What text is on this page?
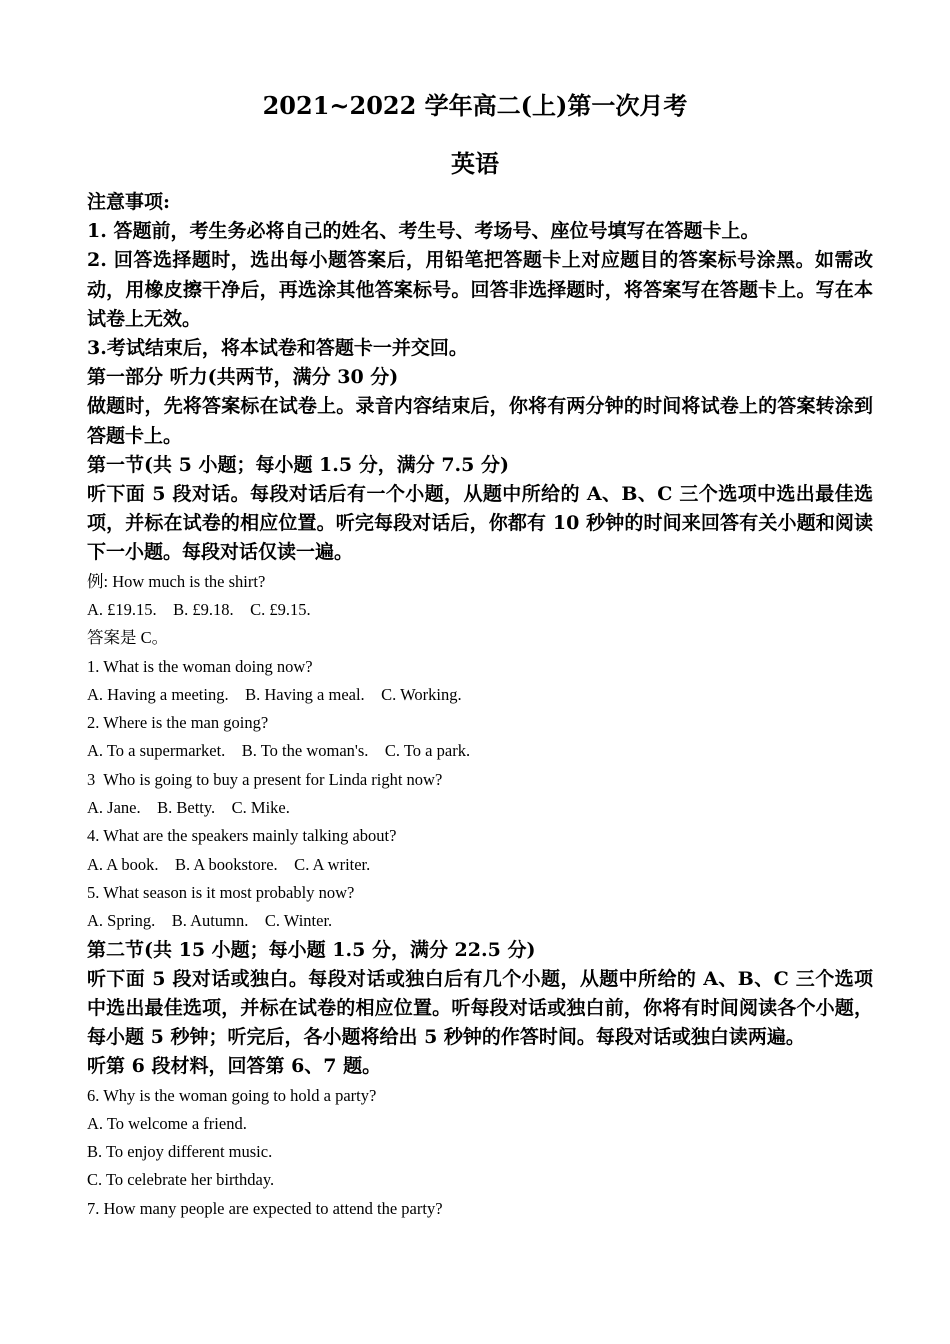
2021~2022 学年高二(上)第一次月考
英语

注意事项:

1. 答题前，考生务必将自己的姓名、考生号、考场号、座位号填写在答题卡上。

2. 回答选择题时，选出每小题答案后，用铅笔把答题卡上对应题目的答案标号涂黑。如需改动，用橡皮擦干净后，再选涂其他答案标号。回答非选择题时，将答案写在答题卡上。写在本试卷上无效。

3.考试结束后，将本试卷和答题卡一并交回。

第一部分 听力(共两节，满分 30 分)

做题时，先将答案标在试卷上。录音内容结束后，你将有两分钟的时间将试卷上的答案转涂到答题卡上。

第一节(共 5 小题；每小题 1.5 分，满分 7.5 分)

听下面 5 段对话。每段对话后有一个小题，从题中所给的 A、B、C 三个选项中选出最佳选项，并标在试卷的相应位置。听完每段对话后，你都有 10 秒钟的时间来回答有关小题和阅读下一小题。每段对话仅读一遍。

例: How much is the shirt?

A. £19.15.    B. £9.18.    C. £9.15.

答案是 C。

1. What is the woman doing now?

A. Having a meeting.    B. Having a meal.    C. Working.

2. Where is the man going?

A. To a supermarket.    B. To the woman's.    C. To a park.

3  Who is going to buy a present for Linda right now?

A. Jane.    B. Betty.    C. Mike.

4. What are the speakers mainly talking about?

A. A book.    B. A bookstore.    C. A writer.

5. What season is it most probably now?

A. Spring.    B. Autumn.    C. Winter.

第二节(共 15 小题；每小题 1.5 分，满分 22.5 分)

听下面 5 段对话或独白。每段对话或独白后有几个小题，从题中所给的 A、B、C 三个选项中选出最佳选项，并标在试卷的相应位置。听每段对话或独白前，你将有时间阅读各个小题，每小题 5 秒钟；听完后，各小题将给出 5 秒钟的作答时间。每段对话或独白读两遍。

听第 6 段材料，回答第 6、7 题。

6. Why is the woman going to hold a party?

A. To welcome a friend.

B. To enjoy different music.

C. To celebrate her birthday.

7. How many people are expected to attend the party?
